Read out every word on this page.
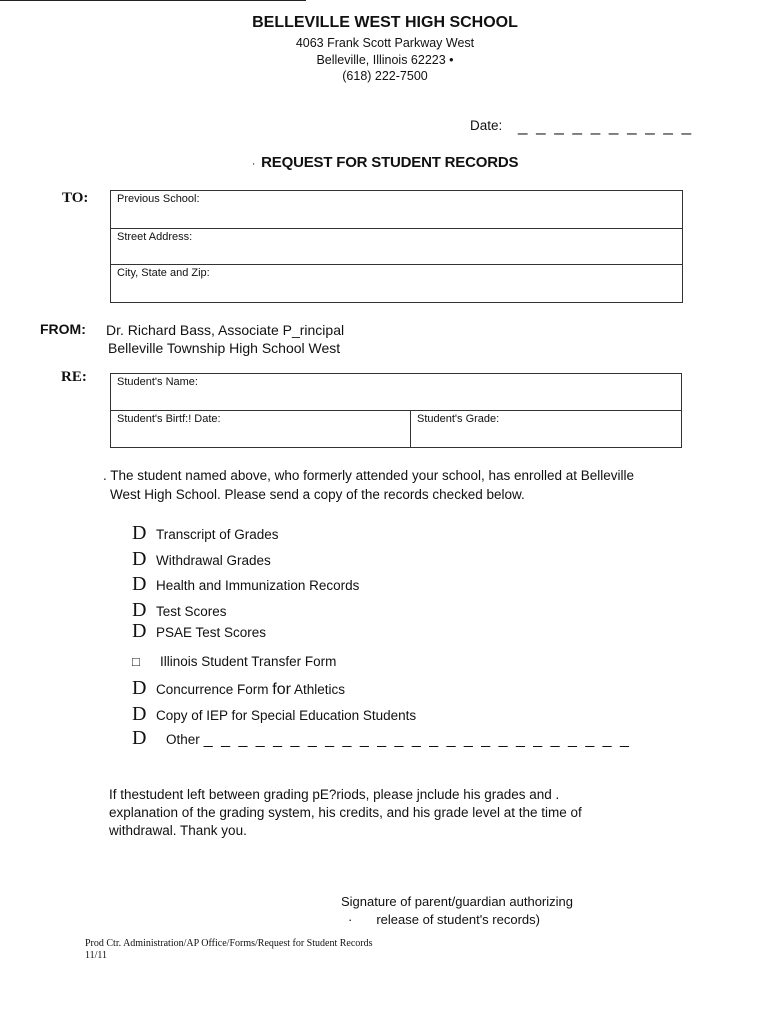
BELLEVILLE WEST HIGH SCHOOL
4063 Frank Scott Parkway West
Belleville, Illinois 62223 •
(618) 222-7500
Date: _ _ _ _ _ _ _ _ _ _
· REQUEST FOR STUDENT RECORDS
TO:	Previous School:
Street Address:
City, State and Zip:
FROM: Dr. Richard Bass, Associate P_rincipal
Belleville Township High School West
RE:	Student's Name:
Student's Birtf:! Date:	Student's Grade:
. The student named above, who formerly attended your school, has enrolled at Belleville
West High School. Please send a copy of the records checked below.
D Transcript of Grades
D Withdrawal Grades
D Health and Immunization Records
D Test Scores
D PSAE Test Scores
□ Illinois Student Transfer Form
D Concurrence Form for Athletics
D Copy of IEP for Special Education Students
D Other _ _ _ _ _ _ _ _ _ _ _ _ _ _ _ _ _ _ _ _ _ _ _ _ _
If thestudent left between grading pE?riods, please jnclude his grades and .
explanation of the grading system, his credits, and his grade level at the time of
withdrawal. Thank you.
Signature of parent/guardian authorizing
· release of student's records)
Prod Ctr. Administration/AP Office/Forms/Request for Student Records
11/11
